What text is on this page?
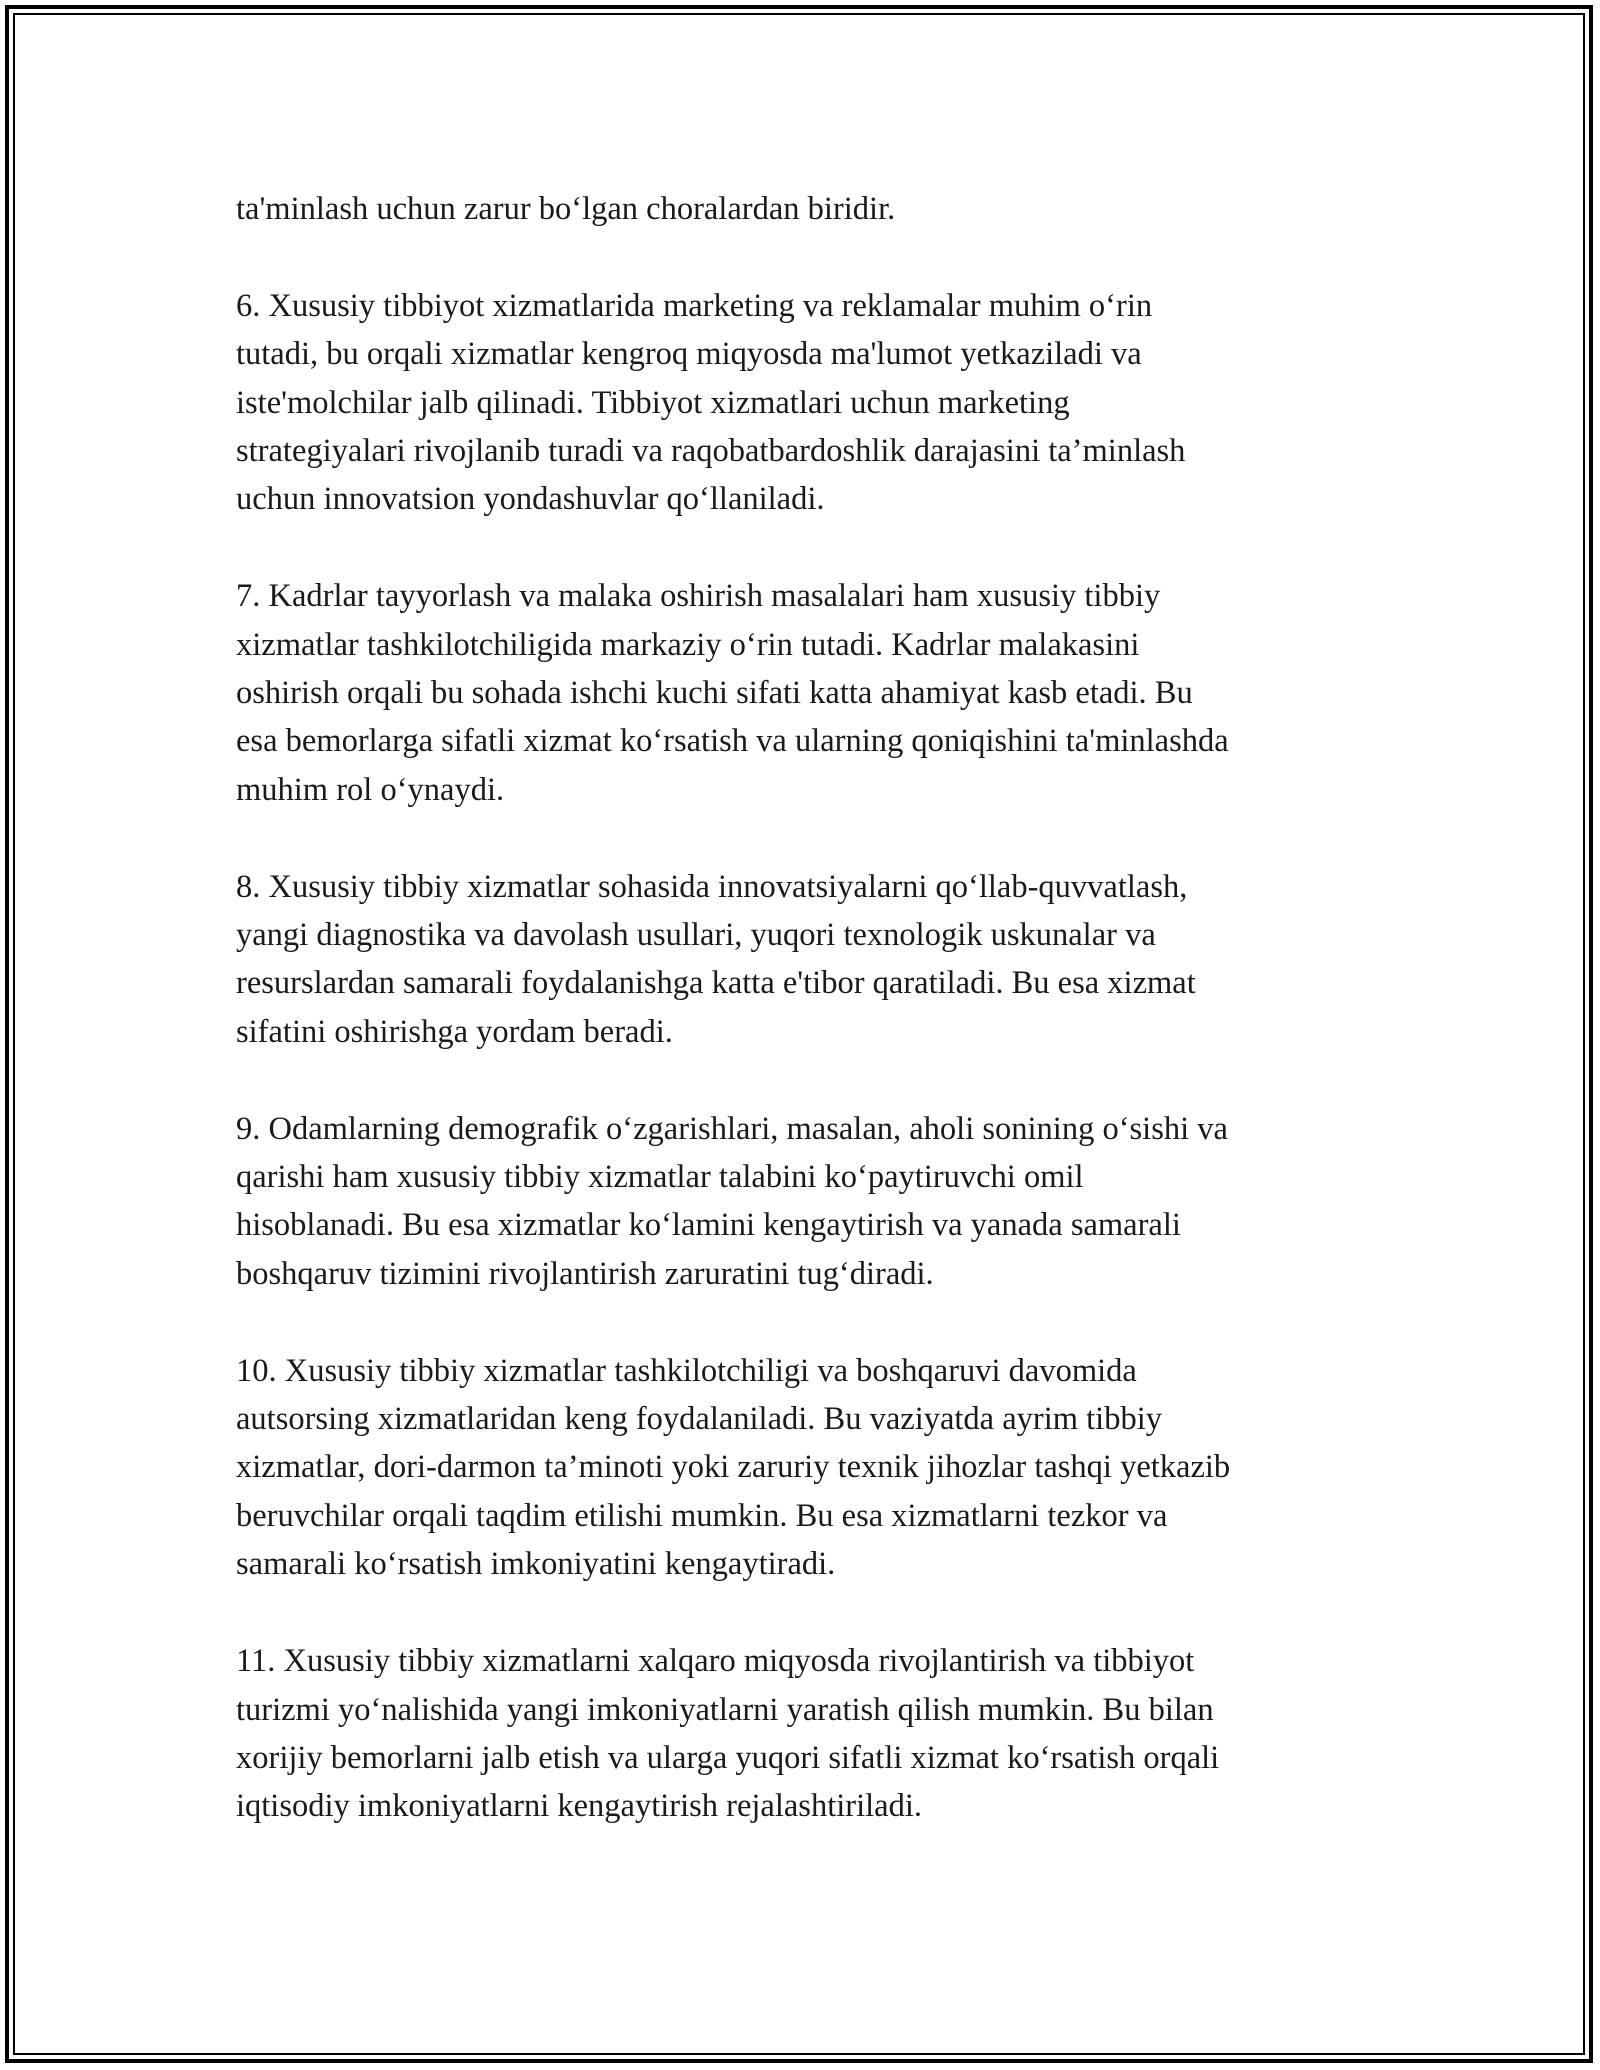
ta'minlash uchun zarur bo‘lgan choralardan biridir.

6. Xususiy tibbiyot xizmatlarida marketing va reklamalar muhim o‘rin
tutadi, bu orqali xizmatlar kengroq miqyosda ma'lumot yetkaziladi va
iste'molchilar jalb qilinadi. Tibbiyot xizmatlari uchun marketing
strategiyalari rivojlanib turadi va raqobatbardoshlik darajasini ta’minlash
uchun innovatsion yondashuvlar qo‘llaniladi.

7. Kadrlar tayyorlash va malaka oshirish masalalari ham xususiy tibbiy
xizmatlar tashkilotchiligida markaziy o‘rin tutadi. Kadrlar malakasini
oshirish orqali bu sohada ishchi kuchi sifati katta ahamiyat kasb etadi. Bu
esa bemorlarga sifatli xizmat ko‘rsatish va ularning qoniqishini ta'minlashda
muhim rol o‘ynaydi.

8. Xususiy tibbiy xizmatlar sohasida innovatsiyalarni qo‘llab-quvvatlash,
yangi diagnostika va davolash usullari, yuqori texnologik uskunalar va
resurslardan samarali foydalanishga katta e'tibor qaratiladi. Bu esa xizmat
sifatini oshirishga yordam beradi.

9. Odamlarning demografik o‘zgarishlari, masalan, aholi sonining o‘sishi va
qarishi ham xususiy tibbiy xizmatlar talabini ko‘paytiruvchi omil
hisoblanadi. Bu esa xizmatlar ko‘lamini kengaytirish va yanada samarali
boshqaruv tizimini rivojlantirish zaruratini tug‘diradi.

10. Xususiy tibbiy xizmatlar tashkilotchiligi va boshqaruvi davomida
autsorsing xizmatlaridan keng foydalaniladi. Bu vaziyatda ayrim tibbiy
xizmatlar, dori-darmon ta’minoti yoki zaruriy texnik jihozlar tashqi yetkazib
beruvchilar orqali taqdim etilishi mumkin. Bu esa xizmatlarni tezkor va
samarali ko‘rsatish imkoniyatini kengaytiradi.

11. Xususiy tibbiy xizmatlarni xalqaro miqyosda rivojlantirish va tibbiyot
turizmi yo‘nalishida yangi imkoniyatlarni yaratish qilish mumkin. Bu bilan
xorijiy bemorlarni jalb etish va ularga yuqori sifatli xizmat ko‘rsatish orqali
iqtisodiy imkoniyatlarni kengaytirish rejalashtiriladi.
